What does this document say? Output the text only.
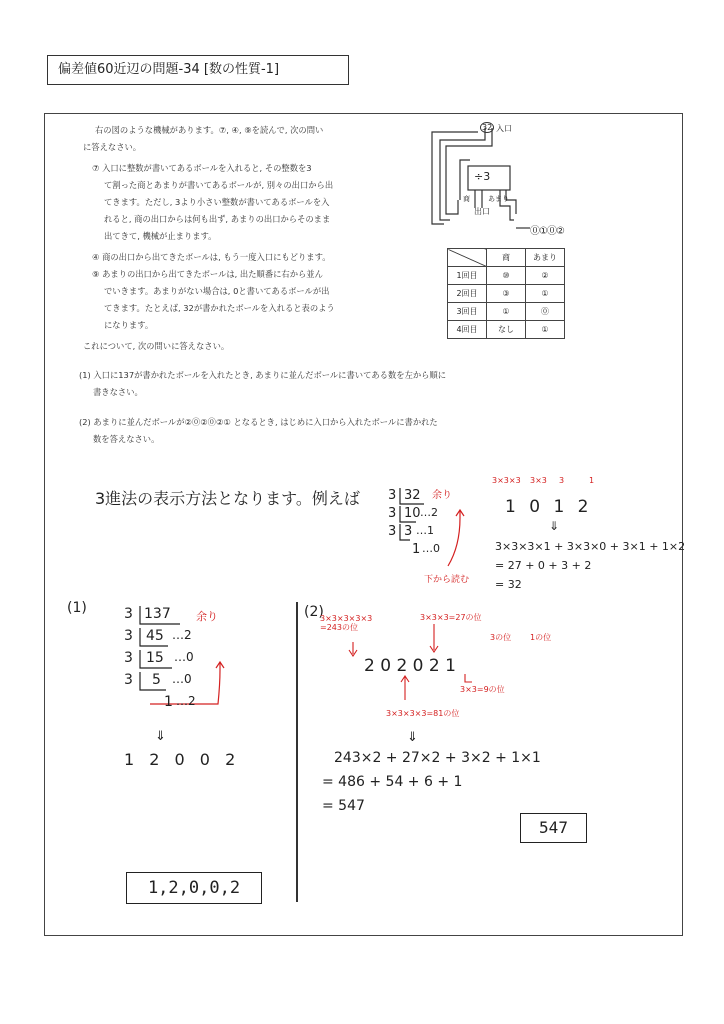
偏差値60近辺の問題-34 [数の性質-1]
右の図のような機械があります。⑦, ④, ⑨を読んで, 次の問い
に答えなさい。
⑦ 入口に整数が書いてあるボールを入れると, その整数を3
て割った商とあまりが書いてあるボールが, 別々の出口から出
てきます。ただし, 3より小さい整数が書いてあるボールを入
れると, 商の出口からは何も出ず, あまりの出口からそのまま
出てきて, 機械が止まります。
④ 商の出口から出てきたボールは, もう一度入口にもどります。
⑨ あまりの出口から出てきたボールは, 出た順番に右から並ん
でいきます。あまりがない場合は, 0と書いてあるボールが出
てきます。たとえば, 32が書かれたボールを入れると表のよう
になります。
これについて, 次の問いに答えなさい。
(1) 入口に137が書かれたボールを入れたとき, あまりに並んだボールに書いてある数を左から順に
書きなさい。
(2) あまりに並んだボールが②⓪②⓪②① となるとき, はじめに入口から入れたボールに書かれた
数を答えなさい。
32 入口
÷3
商	あまり
出口
⓪①⓪②
	商	あまり
1回目	⑩	②
2回目	③	①
3回目	①	⓪
4回目	なし	①
3進法の表示方法となります。例えば 3 32
3 10 …2
3 3 …1
1 …0
余り
下から読む
3×3×3 3×3 3	1
1 0 1 2
⇓
3×3×3×1 + 3×3×0 + 3×1 + 1×2
= 27 + 0 + 3 + 2
= 32
(1)	3 137 余り
3 45 …2
3 15 …0
3 5 …0
1 …2
⇓
1 2 0 0 2
1,2,0,0,2
(2)
3×3×3×3×3 =243の位
3×3×3=27の位
3の位 1の位
2 0 2 0 2 1
3×3=9の位
3×3×3×3=81の位
⇓
243×2 + 27×2 + 3×2 + 1×1
= 486 + 54 + 6 + 1
= 547
547
